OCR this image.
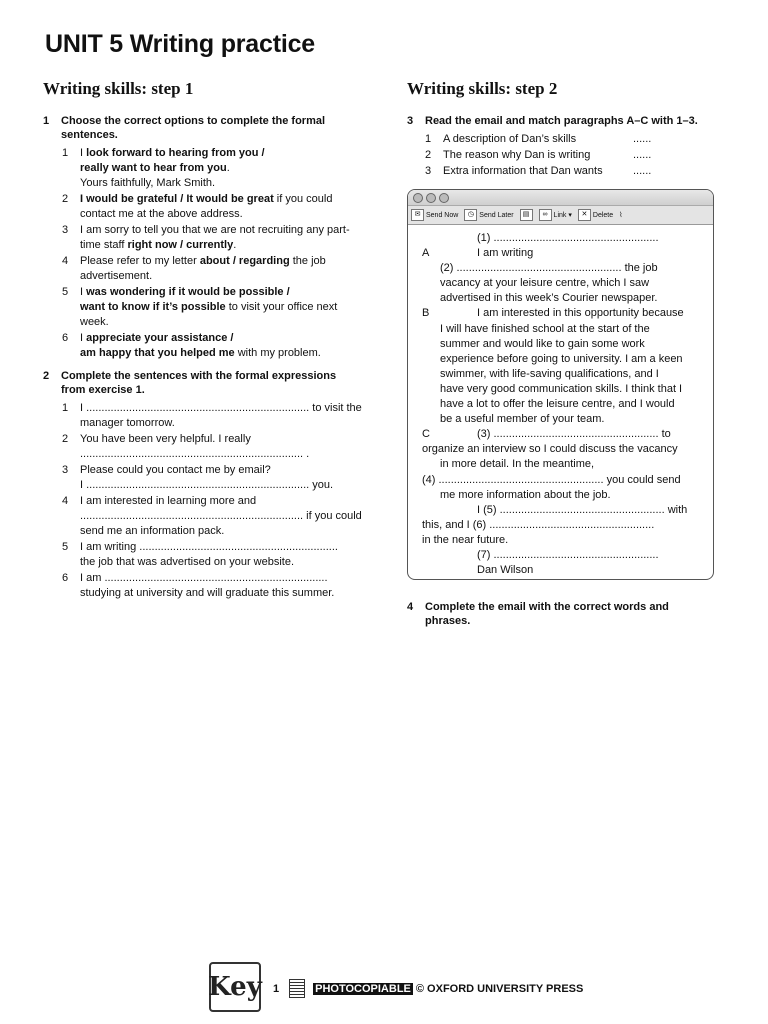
UNIT 5 Writing practice
Writing skills: step 1
1	Choose the correct options to complete the formal sentences.
1	I look forward to hearing from you /
really want to hear from you.
Yours faithfully, Mark Smith.
2	I would be grateful / It would be great if you could contact me at the above address.
3	I am sorry to tell you that we are not recruiting any part-time staff right now / currently.
4	Please refer to my letter about / regarding the job advertisement.
5	I was wondering if it would be possible /
want to know if it’s possible to visit your office next week.
6	I appreciate your assistance /
am happy that you helped me with my problem.
2	Complete the sentences with the formal expressions from exercise 1.
1	I ......................................................................... to visit the manager tomorrow.
2	You have been very helpful. I really
......................................................................... .
3	Please could you contact me by email?
I ......................................................................... you.
4	I am interested in learning more and
......................................................................... if you could send me an information pack.
5	I am writing .................................................................
the job that was advertised on your website.
6	I am .........................................................................
studying at university and will graduate this summer.
Writing skills: step 2
3	Read the email and match paragraphs A–C with 1–3.
1	A description of Dan’s skills	......
2	The reason why Dan is writing	......
3	Extra information that Dan wants	......
✉ Send Now	◷ Send Later	▤	∞ Link ▾	✕ Delete ⌇
(1) ......................................................
A	I am writing
(2) ...................................................... the job
vacancy at your leisure centre, which I saw
advertised in this week’s Courier newspaper.
B	I am interested in this opportunity because
I will have finished school at the start of the
summer and would like to gain some work
experience before going to university. I am a keen
swimmer, with life-saving qualifications, and I
have very good communication skills. I think that I
have a lot to offer the leisure centre, and I would
be a useful member of your team.
C	(3) ...................................................... to
organize an interview so I could discuss the vacancy
in more detail. In the meantime,
(4) ...................................................... you could send
me more information about the job.
I (5) ...................................................... with
this, and I (6) ......................................................
in the near future.
(7) ......................................................
Dan Wilson
4	Complete the email with the correct words and phrases.
Key 1	PHOTOCOPIABLE © OXFORD UNIVERSITY PRESS
